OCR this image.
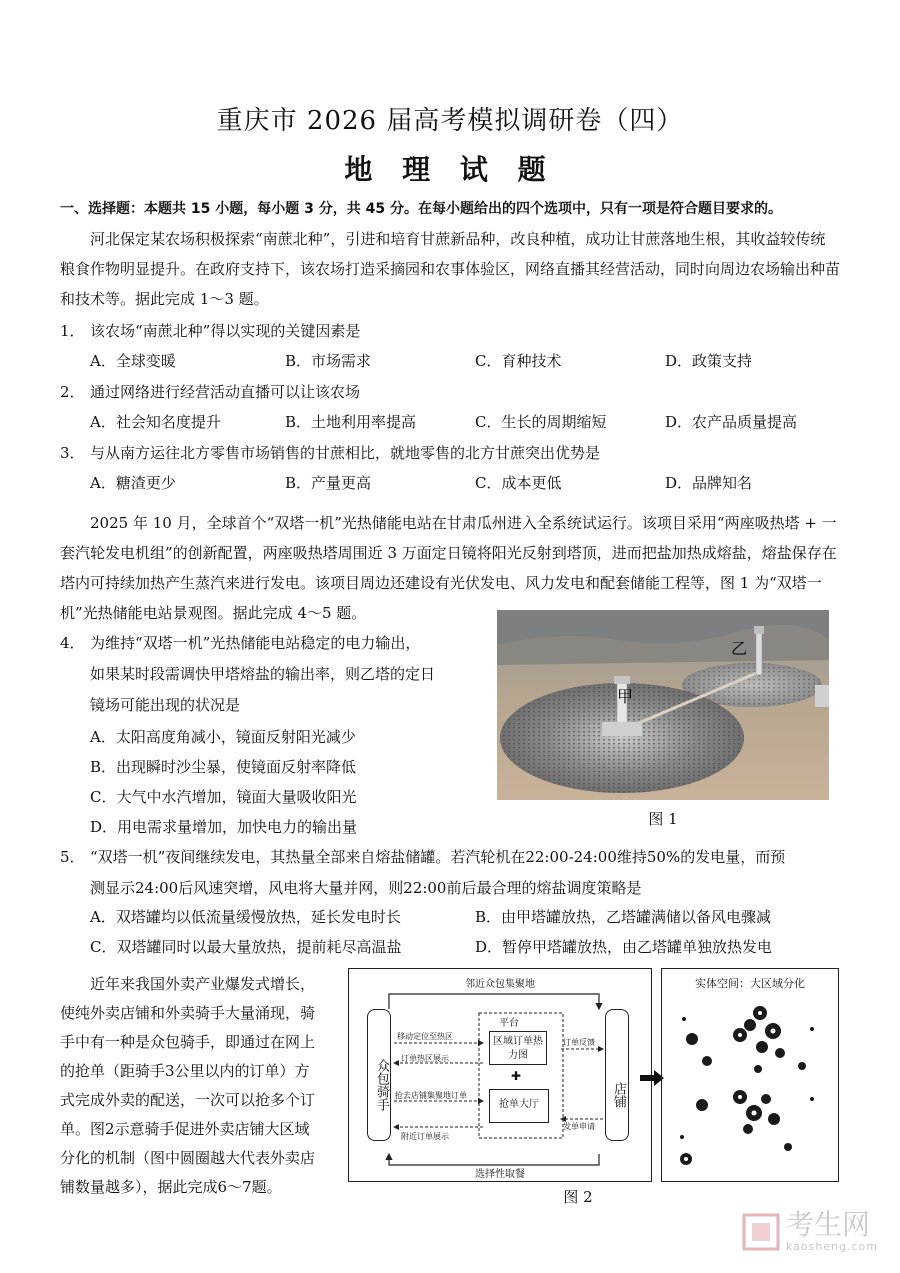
重庆市 2026 届高考模拟调研卷（四）
地 理 试 题
一、选择题：本题共 15 小题，每小题 3 分，共 45 分。在每小题给出的四个选项中，只有一项是符合题目要求的。
河北保定某农场积极探索“南蔗北种”，引进和培育甘蔗新品种，改良种植，成功让甘蔗落地生根，其收益较传统粮食作物明显提升。在政府支持下，该农场打造采摘园和农事体验区，网络直播其经营活动，同时向周边农场输出种苗和技术等。据此完成 1～3 题。
1． 该农场“南蔗北种”得以实现的关键因素是
A．全球变暖	B．市场需求	C．育种技术	D．政策支持
2． 通过网络进行经营活动直播可以让该农场
A．社会知名度提升	B．土地利用率提高	C．生长的周期缩短	D．农产品质量提高
3． 与从南方运往北方零售市场销售的甘蔗相比，就地零售的北方甘蔗突出优势是
A．糖渣更少	B．产量更高	C．成本更低	D．品牌知名
2025 年 10 月，全球首个“双塔一机”光热储能电站在甘肃瓜州进入全系统试运行。该项目采用“两座吸热塔 + 一套汽轮发电机组”的创新配置，两座吸热塔周围近 3 万面定日镜将阳光反射到塔顶，进而把盐加热成熔盐，熔盐保存在塔内可持续加热产生蒸汽来进行发电。该项目周边还建设有光伏发电、风力发电和配套储能工程等，图 1 为“双塔一机”光热储能电站景观图。据此完成 4～5 题。
4． 为维持“双塔一机”光热储能电站稳定的电力输出，
如果某时段需调快甲塔熔盐的输出率，则乙塔的定日
镜场可能出现的状况是
A．太阳高度角减小，镜面反射阳光减少
B．出现瞬时沙尘暴，使镜面反射率降低
C．大气中水汽增加，镜面大量吸收阳光
D．用电需求量增加，加快电力的输出量
甲
乙
图 1
5． “双塔一机”夜间继续发电，其热量全部来自熔盐储罐。若汽轮机在22:00-24:00维持50%的发电量，而预
测显示24:00后风速突增，风电将大量并网，则22:00前后最合理的熔盐调度策略是
A．双塔罐均以低流量缓慢放热，延长发电时长	B．由甲塔罐放热，乙塔罐满储以备风电骤减
C．双塔罐同时以最大量放热，提前耗尽高温盐	D．暂停甲塔罐放热，由乙塔罐单独放热发电
近年来我国外卖产业爆发式增长，
使纯外卖店铺和外卖骑手大量涌现，骑
手中有一种是众包骑手，即通过在网上
的抢单（距骑手3公里以内的订单）方
式完成外卖的配送，一次可以抢多个订
单。图2示意骑手促进外卖店铺大区域
分化的机制（图中圆圈越大代表外卖店
铺数量越多），据此完成6～7题。
邻近众包集聚地
选择性取餐
众包骑手	店铺
平台
区域订单热力图
✚
抢单大厅
移动定位至热区
订单热区展示
抢去店铺集聚地订单
附近订单展示
订单反馈
发单申请
实体空间：大区域分化
图 2
考生网
kaosheng.com
